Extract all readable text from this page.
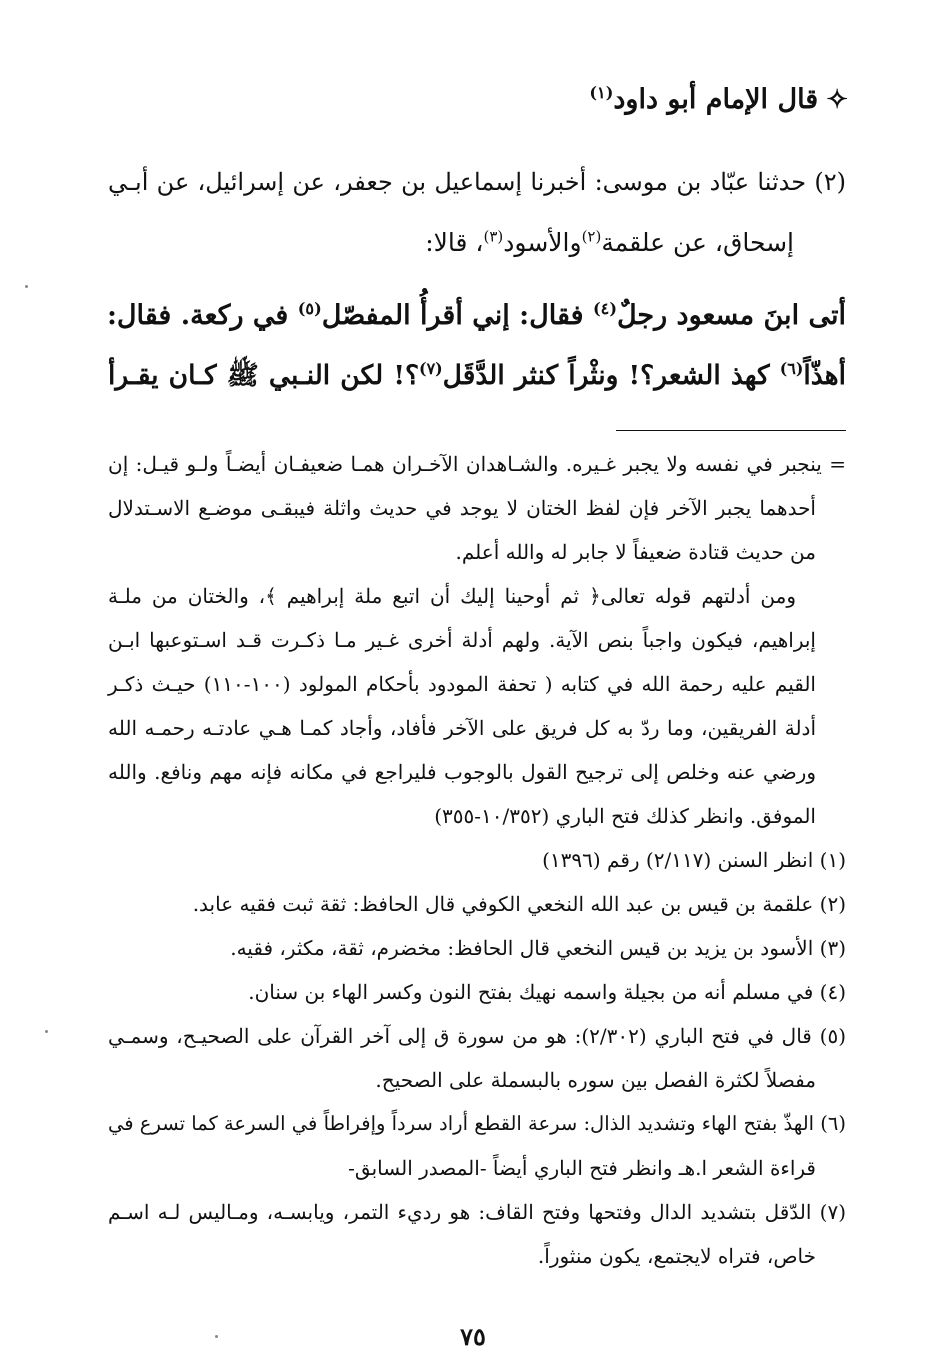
✧قال الإمام أبو داود$^{(١)}$
(٢) حدثنا عبّاد بن موسى: أخبرنا إسماعيل بن جعفر، عن إسرائيل، عن أبـي
إسحاق، عن علقمة$^{(٢)}$والأسود$^{(٣)}$، قالا:
أتى ابنَ مسعود رجلٌ$^{(٤)}$ فقال: إني أقرأُ المفصّل$^{(٥)}$ في ركعة. فقال:
أهذّاً$^{(٦)}$ كهذ الشعر؟! ونثْراً كنثر الدَّقَل$^{(٧)}$؟! لكن النـبي ﷺ كـان يقـرأ
= ينجبر في نفسه ولا يجبر غـيره. والشـاهدان الآخـران همـا ضعيفـان أيضـاً ولـو قيـل: إن
أحدهما يجبر الآخر فإن لفظ الختان لا يوجد في حديث واثلة فيبقـى موضـع الاسـتدلال
من حديث قتادة ضعيفاً لا جابر له والله أعلم.
ومن أدلتهم قوله تعالى﴿ ثم أوحينا إليك أن اتبع ملة إبراهيم ﴾، والختان من ملـة
إبراهيم، فيكون واجباً بنص الآية. ولهم أدلة أخرى غـير مـا ذكـرت قـد اسـتوعبها ابـن
القيم عليه رحمة الله في كتابه ( تحفة المودود بأحكام المولود (١٠٠-١١٠) حيـث ذكـر
أدلة الفريقين، وما ردّ به كل فريق على الآخر فأفاد، وأجاد كمـا هـي عادتـه رحمـه الله
ورضي عنه وخلص إلى ترجيح القول بالوجوب فليراجع في مكانه فإنه مهم ونافع. والله
الموفق. وانظر كذلك فتح الباري (١٠/٣٥٢-٣٥٥)
(١) انظر السنن (٢/١١٧) رقم (١٣٩٦)
(٢) علقمة بن قيس بن عبد الله النخعي الكوفي قال الحافظ: ثقة ثبت فقيه عابد.
(٣) الأسود بن يزيد بن قيس النخعي قال الحافظ: مخضرم، ثقة، مكثر، فقيه.
(٤) في مسلم أنه من بجيلة واسمه نهيك بفتح النون وكسر الهاء بن سنان.
(٥) قال في فتح الباري (٢/٣٠٢): هو من سورة ق إلى آخر القرآن على الصحيـح، وسمـي
مفصلاً لكثرة الفصل بين سوره بالبسملة على الصحيح.
(٦) الهذّ بفتح الهاء وتشديد الذال: سرعة القطع أراد سرداً وإفراطاً في السرعة كما تسرع في
قراءة الشعر ا.هـ وانظر فتح الباري أيضاً -المصدر السابق-
(٧) الدّقل بتشديد الدال وفتحها وفتح القاف: هو رديء التمر، ويابسـه، ومـاليس لـه اسـم
خاص، فتراه لايجتمع، يكون منثوراً.
٧٥
